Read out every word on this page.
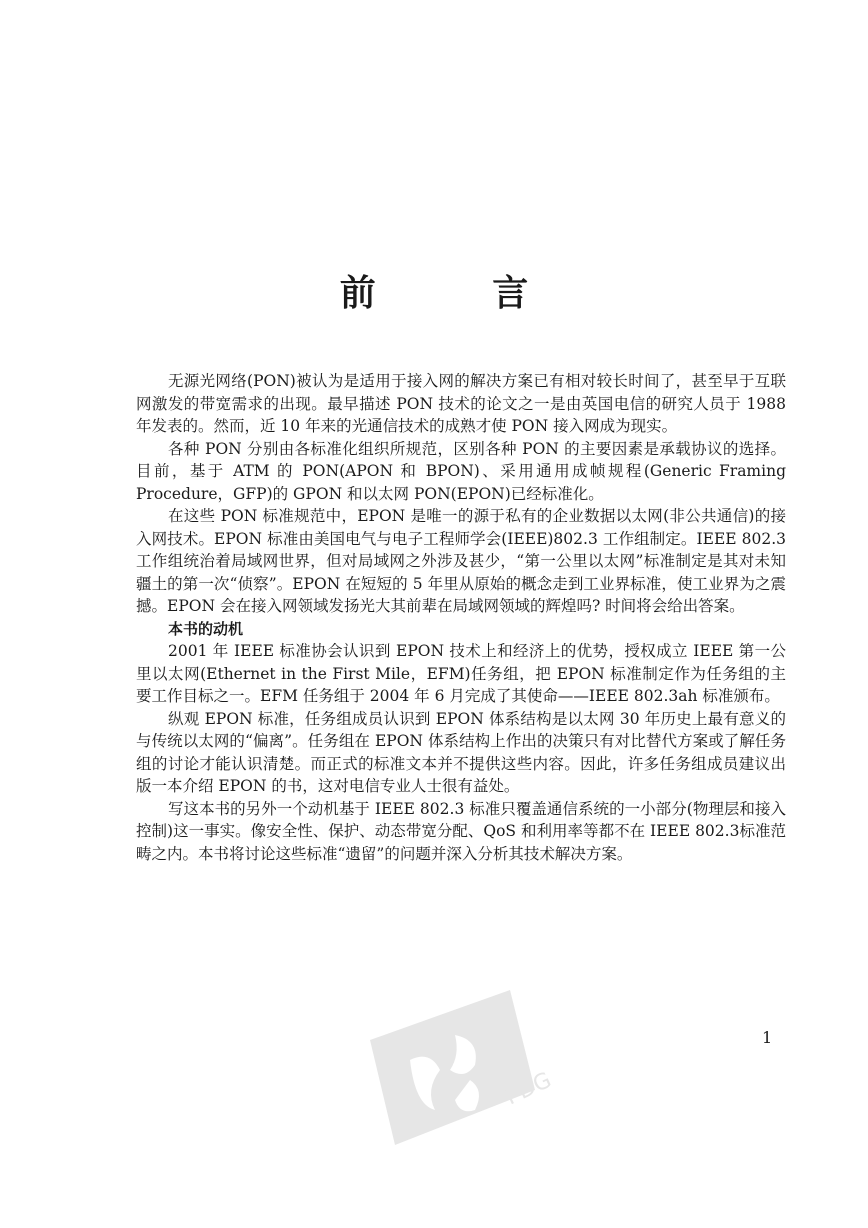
前 言

无源光网络(PON)被认为是适用于接入网的解决方案已有相对较长时间了，甚至早于互联网激发的带宽需求的出现。最早描述 PON 技术的论文之一是由英国电信的研究人员于 1988 年发表的。然而，近 10 年来的光通信技术的成熟才使 PON 接入网成为现实。

各种 PON 分别由各标准化组织所规范，区别各种 PON 的主要因素是承载协议的选择。目前，基于 ATM 的 PON(APON 和 BPON)、采用通用成帧规程(Generic Framing Procedure，GFP)的 GPON 和以太网 PON(EPON)已经标准化。

在这些 PON 标准规范中，EPON 是唯一的源于私有的企业数据以太网(非公共通信)的接入网技术。EPON 标准由美国电气与电子工程师学会(IEEE)802.3 工作组制定。IEEE 802.3 工作组统治着局域网世界，但对局域网之外涉及甚少，“第一公里以太网”标准制定是其对未知疆土的第一次“侦察”。EPON 在短短的 5 年里从原始的概念走到工业界标准，使工业界为之震撼。EPON 会在接入网领域发扬光大其前辈在局域网领域的辉煌吗? 时间将会给出答案。

本书的动机

2001 年 IEEE 标准协会认识到 EPON 技术上和经济上的优势，授权成立 IEEE 第一公里以太网(Ethernet in the First Mile，EFM)任务组，把 EPON 标准制定作为任务组的主要工作目标之一。EFM 任务组于 2004 年 6 月完成了其使命——IEEE 802.3ah 标准颁布。

纵观 EPON 标准，任务组成员认识到 EPON 体系结构是以太网 30 年历史上最有意义的与传统以太网的“偏离”。任务组在 EPON 体系结构上作出的决策只有对比替代方案或了解任务组的讨论才能认识清楚。而正式的标准文本并不提供这些内容。因此，许多任务组成员建议出版一本介绍 EPON 的书，这对电信专业人士很有益处。

写这本书的另外一个动机基于 IEEE 802.3 标准只覆盖通信系统的一小部分(物理层和接入控制)这一事实。像安全性、保护、动态带宽分配、QoS 和利用率等都不在 IEEE 802.3标准范畴之内。本书将讨论这些标准“遗留”的问题并深入分析其技术解决方案。

PDG
1
